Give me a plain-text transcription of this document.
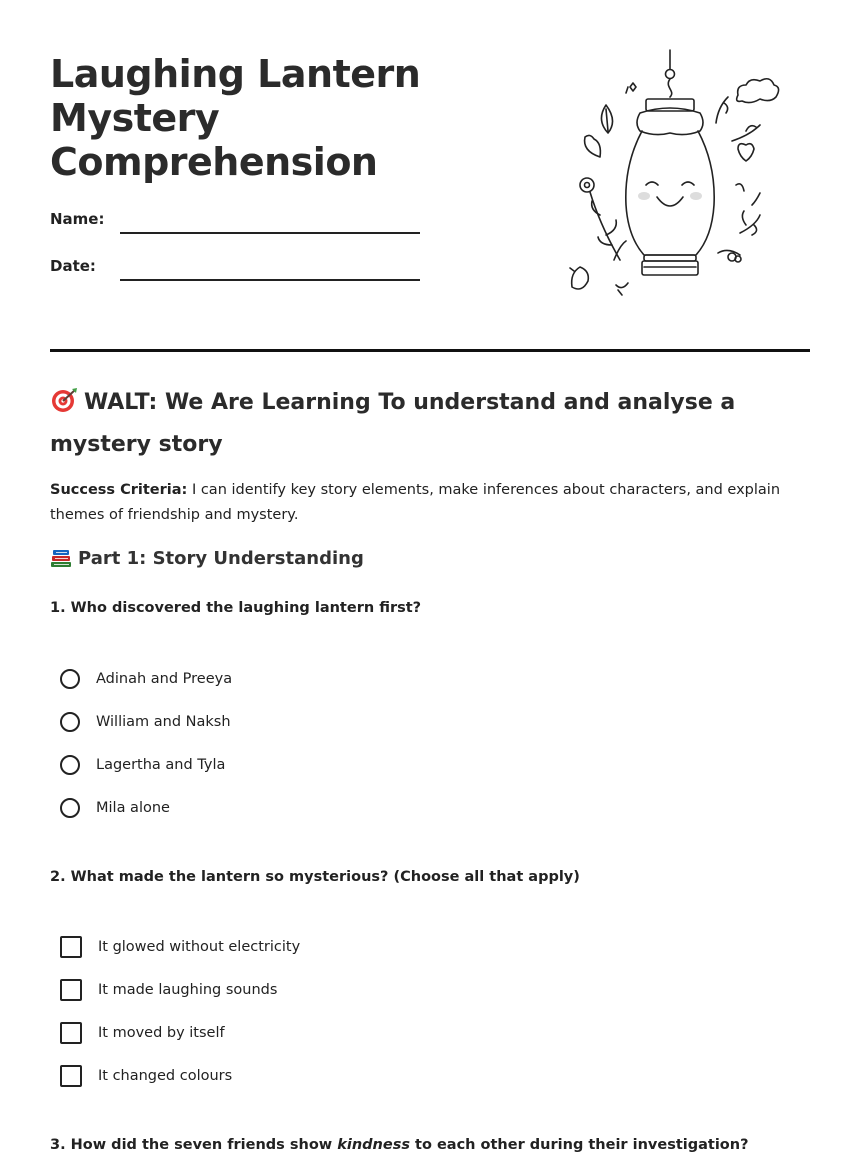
Laughing Lantern
Mystery
Comprehension
Name:
Date:
WALT: We Are Learning To understand and analyse a mystery story

Success Criteria: I can identify key story elements, make inferences about characters, and explain themes of friendship and mystery.

Part 1: Story Understanding

1. Who discovered the laughing lantern first?

Adinah and Preeya
William and Naksh
Lagertha and Tyla
Mila alone

2. What made the lantern so mysterious? (Choose all that apply)

It glowed without electricity
It made laughing sounds
It moved by itself
It changed colours

3. How did the seven friends show kindness to each other during their investigation?
